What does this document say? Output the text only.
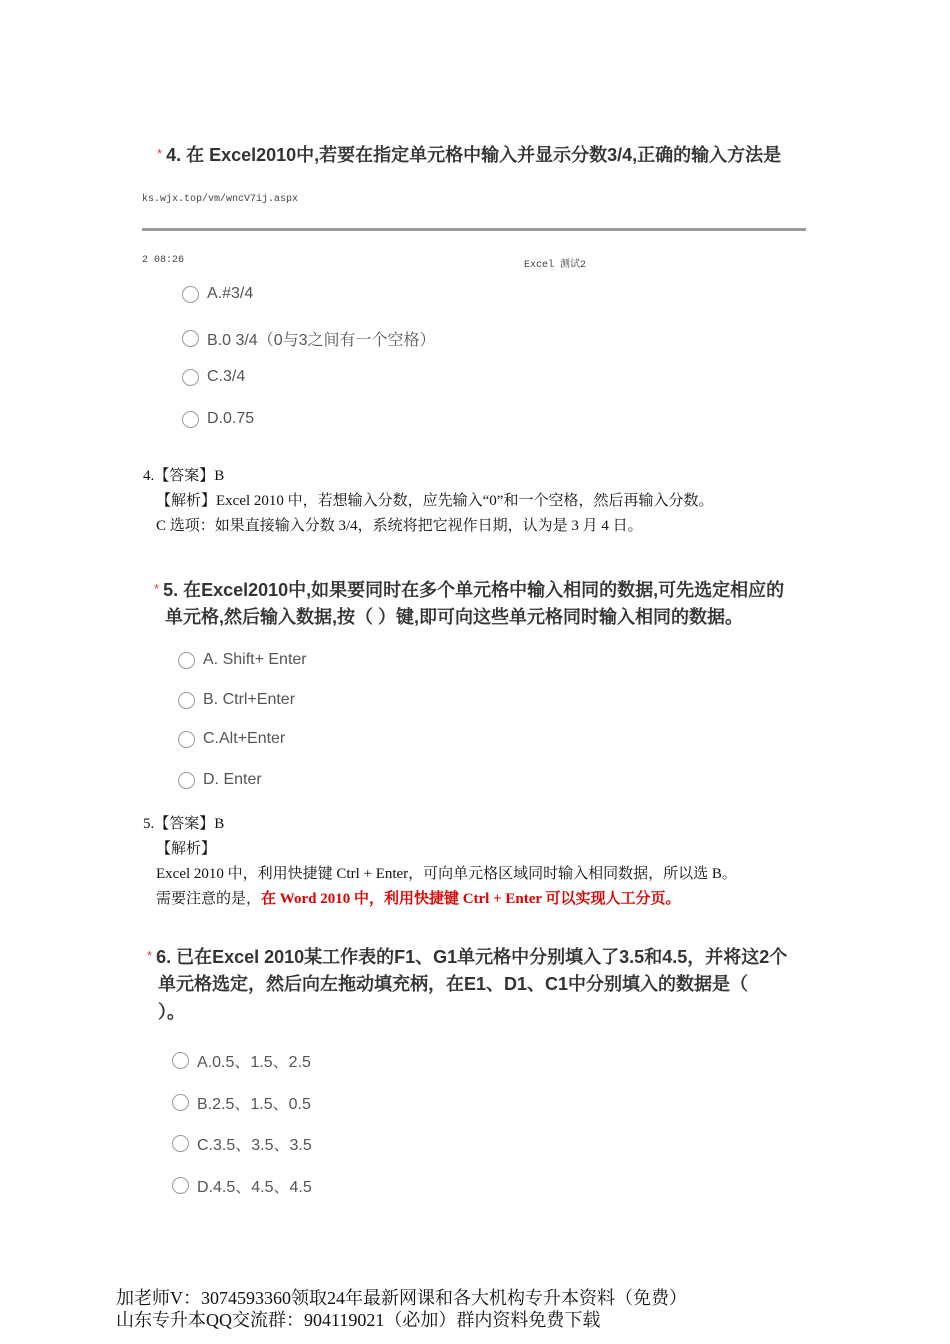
* 4. 在 Excel2010中,若要在指定单元格中输入并显示分数3/4,正确的输入方法是
ks.wjx.top/vm/wncV7ij.aspx
2 08:26	Excel 测试2
A.#3/4
B.0 3/4（0与3之间有一个空格）
C.3/4
D.0.75
4.【答案】B
【解析】Excel 2010 中，若想输入分数，应先输入“0”和一个空格，然后再输入分数。
C 选项：如果直接输入分数 3/4，系统将把它视作日期，认为是 3 月 4 日。
* 5. 在Excel2010中,如果要同时在多个单元格中输入相同的数据,可先选定相应的
单元格,然后输入数据,按（ ）键,即可向这些单元格同时输入相同的数据。
A. Shift+ Enter
B. Ctrl+Enter
C.Alt+Enter
D. Enter
5.【答案】B
【解析】
Excel 2010 中，利用快捷键 Ctrl + Enter，可向单元格区域同时输入相同数据，所以选 B。
需要注意的是，在 Word 2010 中，利用快捷键 Ctrl + Enter 可以实现人工分页。
* 6. 已在Excel 2010某工作表的F1、G1单元格中分别填入了3.5和4.5，并将这2个
单元格选定，然后向左拖动填充柄，在E1、D1、C1中分别填入的数据是（
）。
A.0.5、1.5、2.5
B.2.5、1.5、0.5
C.3.5、3.5、3.5
D.4.5、4.5、4.5
加老师V：3074593360领取24年最新网课和各大机构专升本资料（免费）
山东专升本QQ交流群：904119021（必加）群内资料免费下载
